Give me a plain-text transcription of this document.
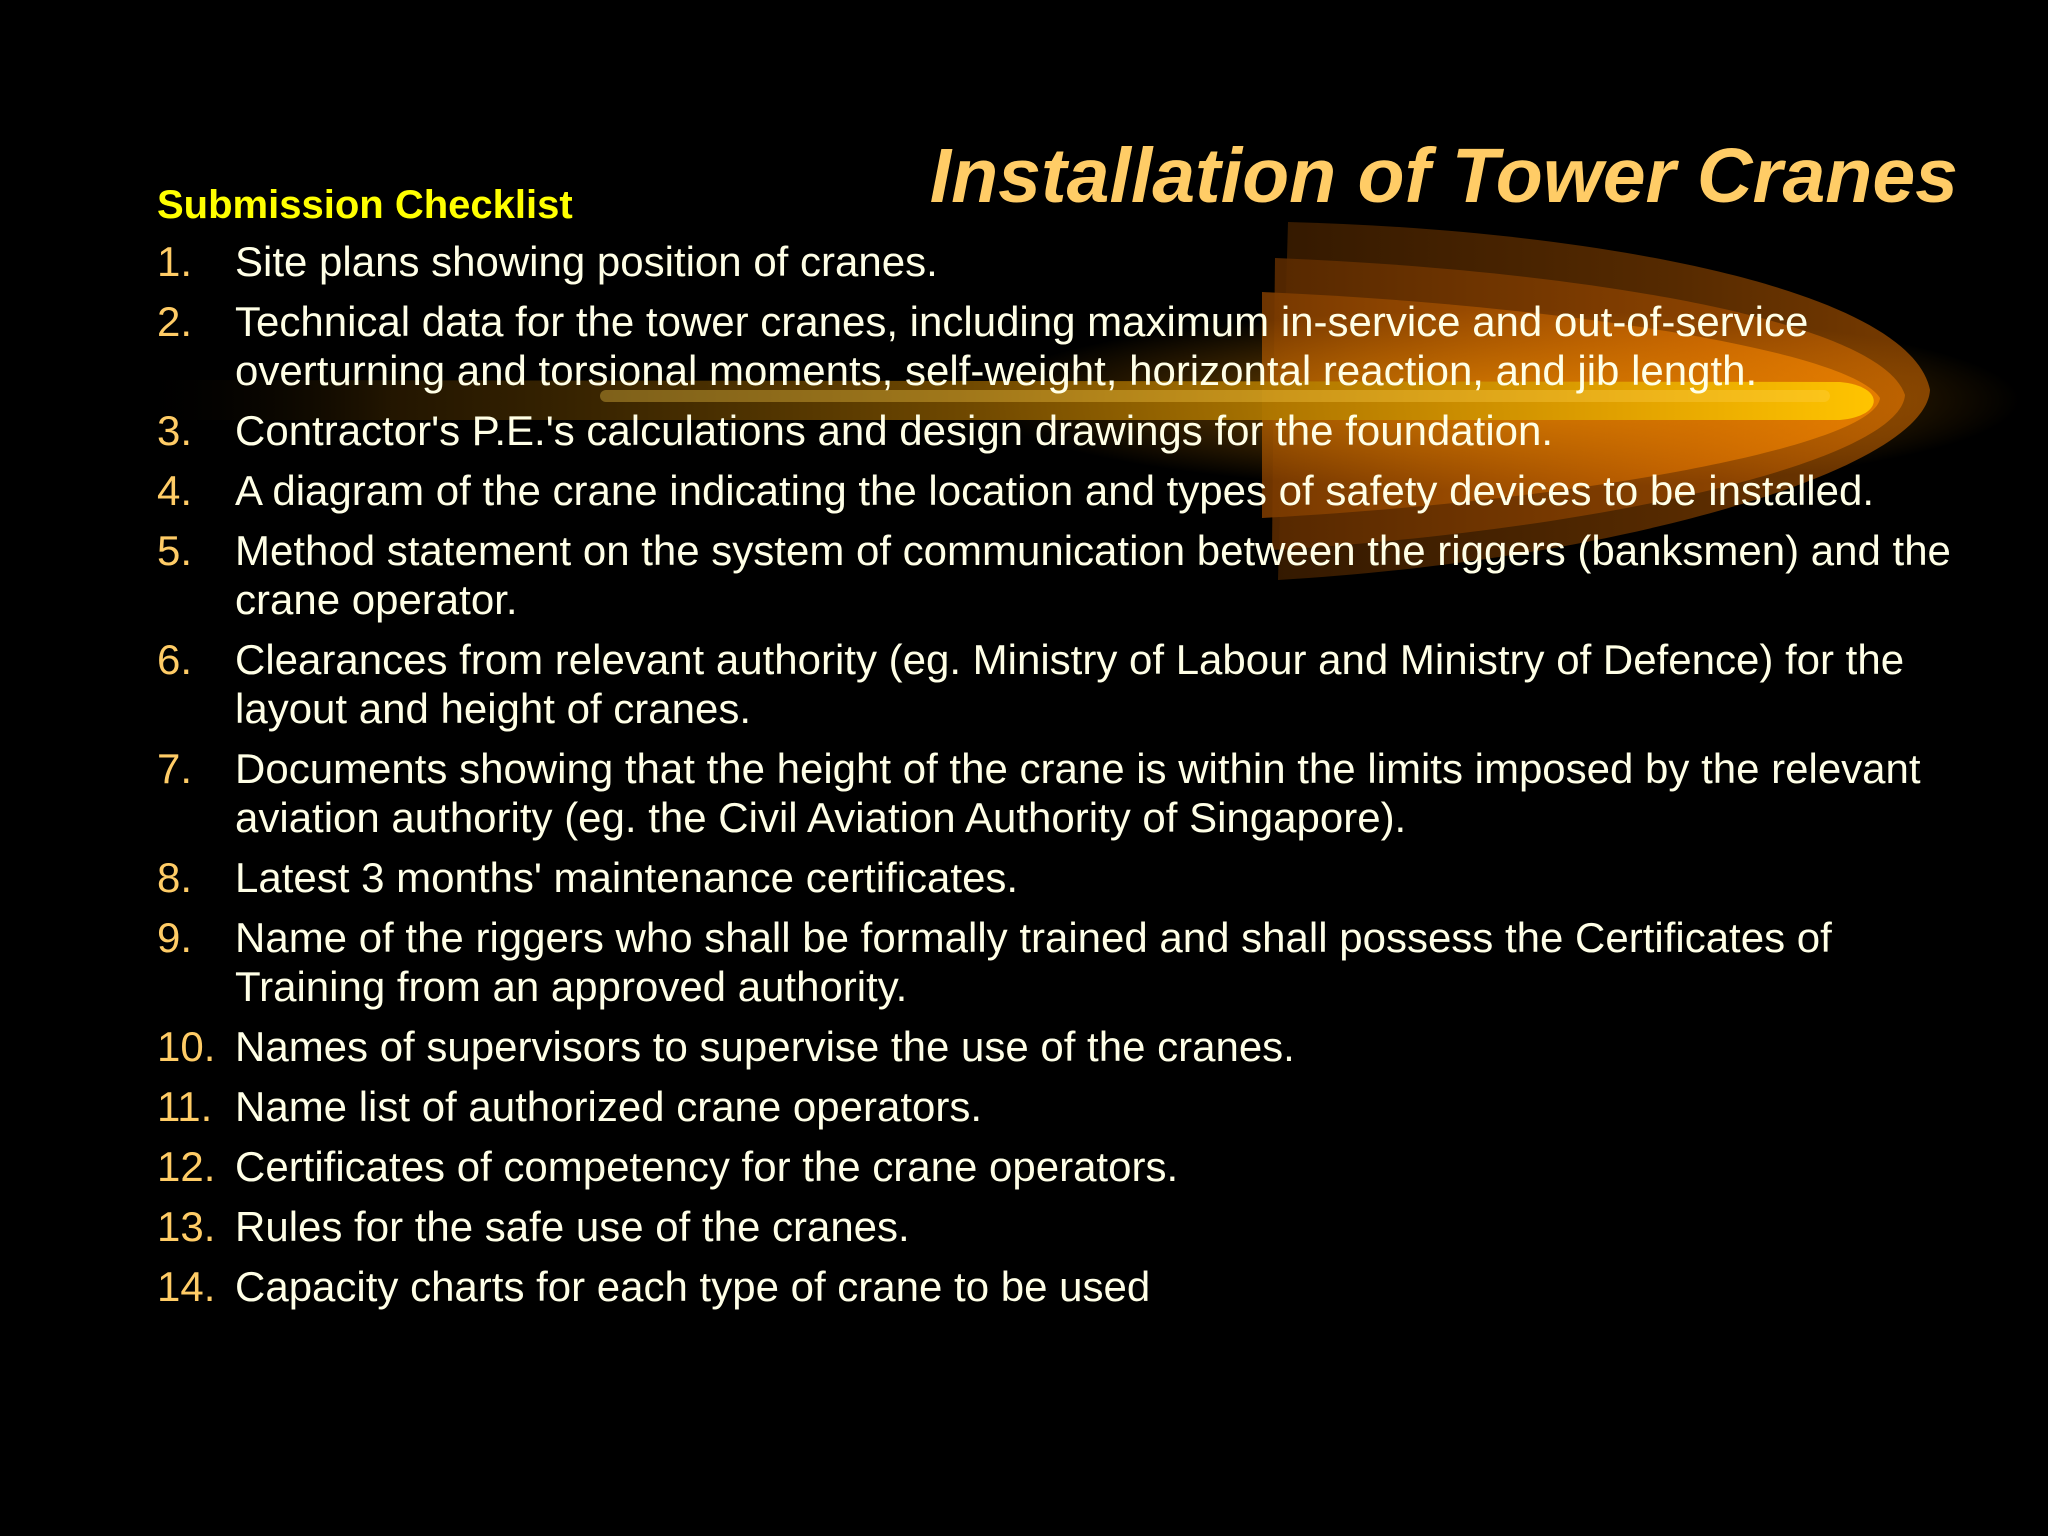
Installation of Tower Cranes
Submission Checklist
1.	Site plans showing position of cranes.
2.	Technical data for the tower cranes, including maximum in-service and out-of-service overturning and torsional moments, self-weight, horizontal reaction, and jib length.
3.	Contractor's P.E.'s calculations and design drawings for the foundation.
4.	A diagram of the crane indicating the location and types of safety devices to be installed.
5.	Method statement on the system of communication between the riggers (banksmen) and the crane operator.
6.	Clearances from relevant authority (eg. Ministry of Labour and Ministry of Defence) for the layout and height of cranes.
7.	Documents showing that the height of the crane is within the limits imposed by the relevant aviation authority (eg. the Civil Aviation Authority of Singapore).
8.	Latest 3 months' maintenance certificates.
9.	Name of the riggers who shall be formally trained and shall possess the Certificates of Training from an approved authority.
10. Names of supervisors to supervise the use of the cranes.
11. Name list of authorized crane operators.
12. Certificates of competency for the crane operators.
13. Rules for the safe use of the cranes.
14. Capacity charts for each type of crane to be used
